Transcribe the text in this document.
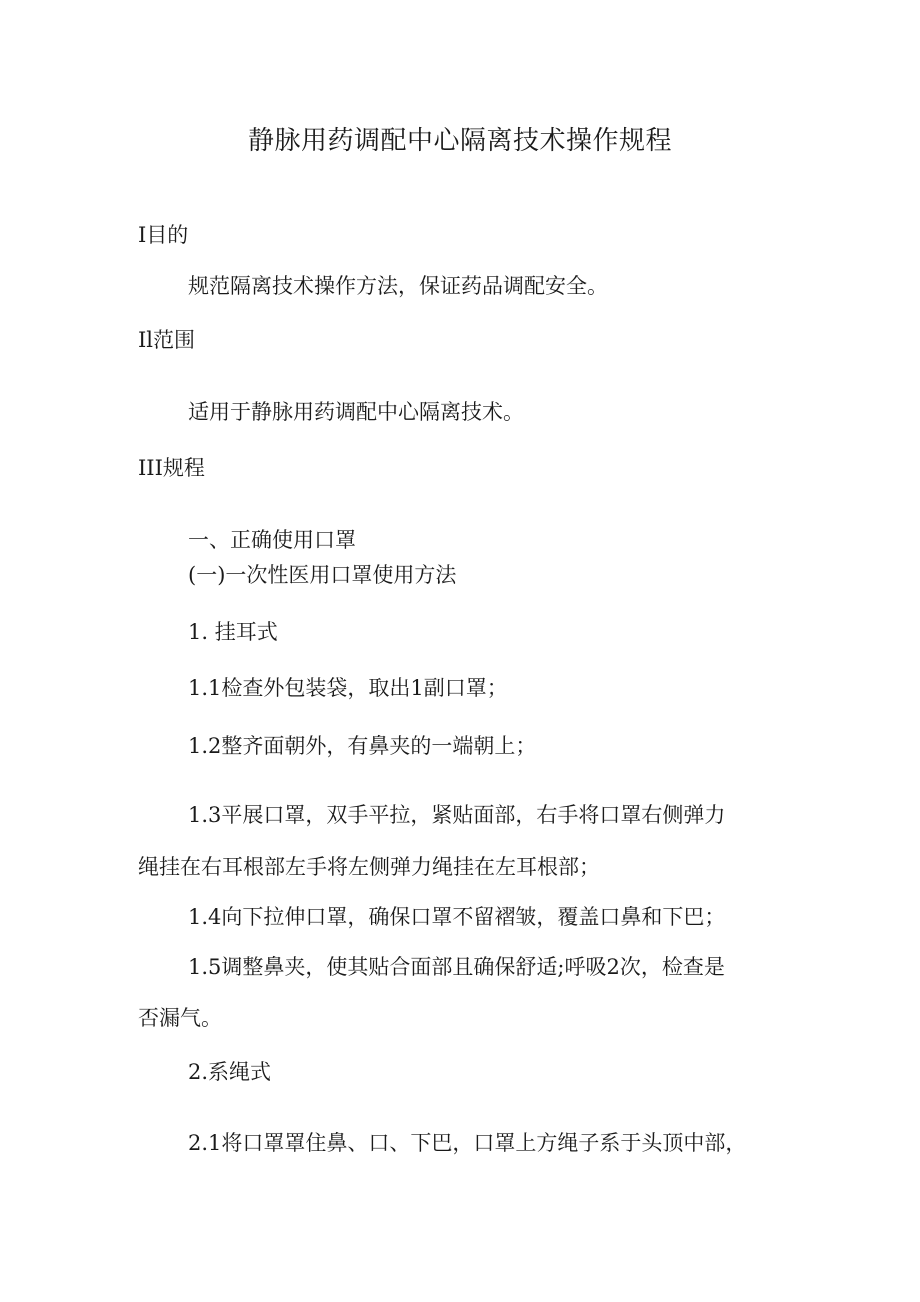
静脉用药调配中心隔离技术操作规程
I目的
规范隔离技术操作方法，保证药品调配安全。
Il范围
适用于静脉用药调配中心隔离技术。
III规程
一、正确使用口罩
(一)一次性医用口罩使用方法
1. 挂耳式
1.1检查外包装袋，取出1副口罩；
1.2整齐面朝外，有鼻夹的一端朝上；
1.3平展口罩，双手平拉，紧贴面部，右手将口罩右侧弹力
绳挂在右耳根部左手将左侧弹力绳挂在左耳根部；
1.4向下拉伸口罩，确保口罩不留褶皱，覆盖口鼻和下巴；
1.5调整鼻夹，使其贴合面部且确保舒适;呼吸2次，检查是
否漏气。
2.系绳式
2.1将口罩罩住鼻、口、下巴，口罩上方绳子系于头顶中部，
